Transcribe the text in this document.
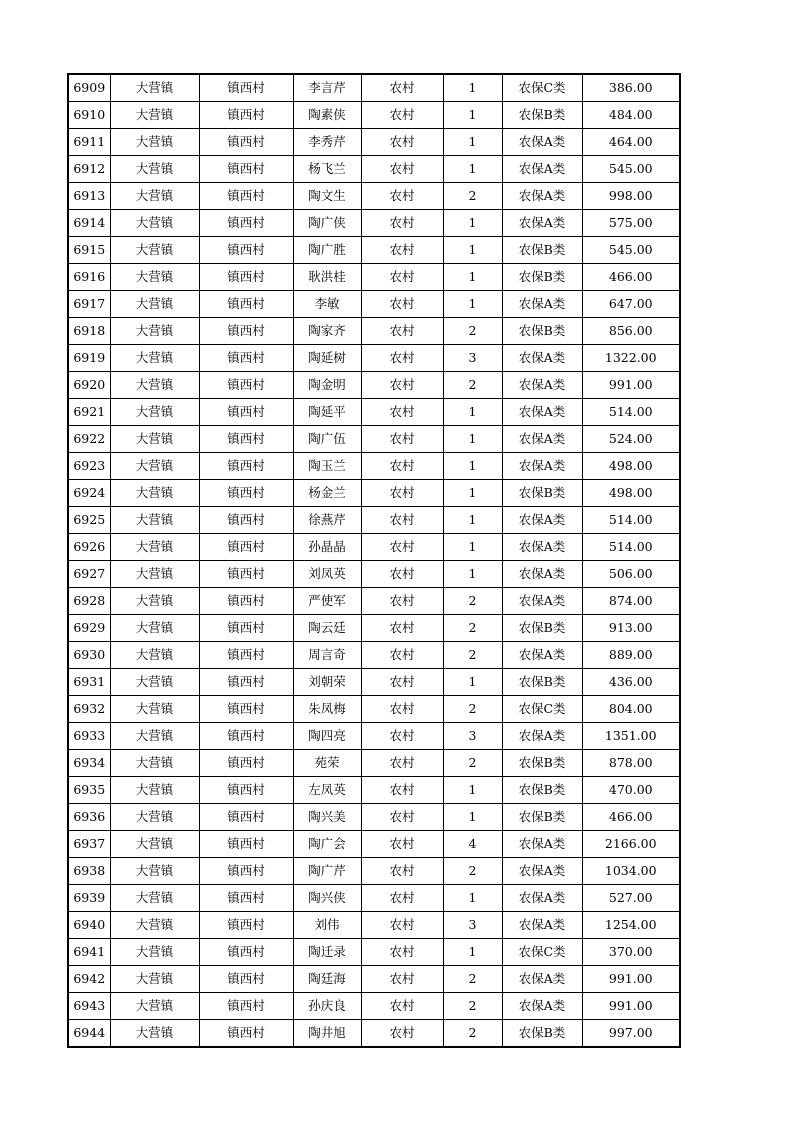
6909	大营镇	镇西村	李言芹	农村	1	农保C类	386.00
6910	大营镇	镇西村	陶素侠	农村	1	农保B类	484.00
6911	大营镇	镇西村	李秀芹	农村	1	农保A类	464.00
6912	大营镇	镇西村	杨飞兰	农村	1	农保A类	545.00
6913	大营镇	镇西村	陶文生	农村	2	农保A类	998.00
6914	大营镇	镇西村	陶广侠	农村	1	农保A类	575.00
6915	大营镇	镇西村	陶广胜	农村	1	农保B类	545.00
6916	大营镇	镇西村	耿洪桂	农村	1	农保B类	466.00
6917	大营镇	镇西村	李敏	农村	1	农保A类	647.00
6918	大营镇	镇西村	陶家齐	农村	2	农保B类	856.00
6919	大营镇	镇西村	陶延树	农村	3	农保A类	1322.00
6920	大营镇	镇西村	陶金明	农村	2	农保A类	991.00
6921	大营镇	镇西村	陶延平	农村	1	农保A类	514.00
6922	大营镇	镇西村	陶广伍	农村	1	农保A类	524.00
6923	大营镇	镇西村	陶玉兰	农村	1	农保A类	498.00
6924	大营镇	镇西村	杨金兰	农村	1	农保B类	498.00
6925	大营镇	镇西村	徐燕芹	农村	1	农保A类	514.00
6926	大营镇	镇西村	孙晶晶	农村	1	农保A类	514.00
6927	大营镇	镇西村	刘凤英	农村	1	农保A类	506.00
6928	大营镇	镇西村	严使军	农村	2	农保A类	874.00
6929	大营镇	镇西村	陶云廷	农村	2	农保B类	913.00
6930	大营镇	镇西村	周言奇	农村	2	农保A类	889.00
6931	大营镇	镇西村	刘朝荣	农村	1	农保B类	436.00
6932	大营镇	镇西村	朱凤梅	农村	2	农保C类	804.00
6933	大营镇	镇西村	陶四亮	农村	3	农保A类	1351.00
6934	大营镇	镇西村	苑荣	农村	2	农保B类	878.00
6935	大营镇	镇西村	左凤英	农村	1	农保B类	470.00
6936	大营镇	镇西村	陶兴美	农村	1	农保B类	466.00
6937	大营镇	镇西村	陶广会	农村	4	农保A类	2166.00
6938	大营镇	镇西村	陶广芹	农村	2	农保A类	1034.00
6939	大营镇	镇西村	陶兴侠	农村	1	农保A类	527.00
6940	大营镇	镇西村	刘伟	农村	3	农保A类	1254.00
6941	大营镇	镇西村	陶迁录	农村	1	农保C类	370.00
6942	大营镇	镇西村	陶廷海	农村	2	农保A类	991.00
6943	大营镇	镇西村	孙庆良	农村	2	农保A类	991.00
6944	大营镇	镇西村	陶井旭	农村	2	农保B类	997.00
